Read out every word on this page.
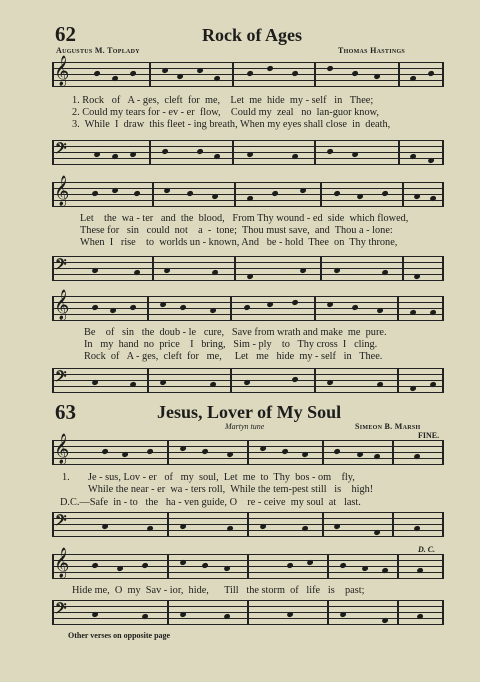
62	Rock of Ages
Augustus M. Toplady	Thomas Hastings
𝄞
1. Rock   of   A - ges,  cleft  for  me,    Let  me  hide  my - self   in   Thee;
2. Could my tears for - ev - er  flow,    Could my  zeal   no  lan-guor know,
3.  While  I  draw  this fleet - ing breath, When my eyes shall close  in  death,
𝄢
𝄞
Let    the  wa - ter   and  the  blood,   From Thy wound - ed  side  which flowed,
These for   sin   could  not    a  -  tone;  Thou must save,  and  Thou a - lone:
When  I   rise    to  worlds un - known, And   be - hold  Thee  on  Thy throne,
𝄢
𝄞
Be    of   sin   the  doub - le   cure,   Save from wrath and make  me  pure.
In   my  hand  no  price    I   bring,   Sim - ply    to   Thy cross  I   cling.
Rock  of   A - ges,  cleft  for   me,     Let   me   hide  my - self   in   Thee.
𝄢
63	Jesus, Lover of My Soul
Martyn tune	Simeon B. Marsh
FINE.
𝄞
1. Je - sus, Lov - er   of   my  soul,  Let  me  to  Thy  bos - om    fly,
While the near - er  wa - ters roll,  While the tem-pest still   is    high!
D.C.—Safe  in - to   the   ha - ven guide, O    re - ceive  my soul  at   last.
𝄢
D. C.
𝄞
Hide me,  O  my  Sav - ior,  hide,      Till   the storm  of   life   is    past;
𝄢
Other verses on opposite page
